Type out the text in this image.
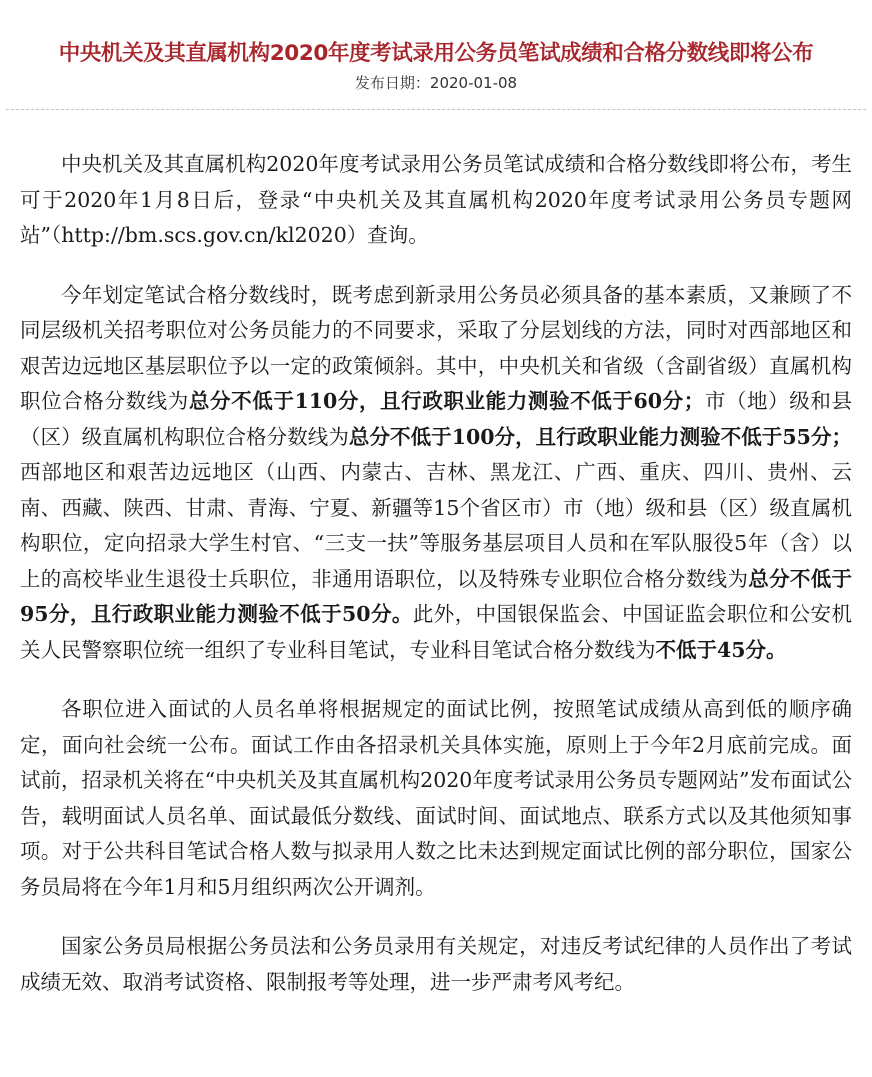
中央机关及其直属机构2020年度考试录用公务员笔试成绩和合格分数线即将公布
发布日期：2020-01-08

中央机关及其直属机构2020年度考试录用公务员笔试成绩和合格分数线即将公布，考生可于2020年1月8日后，登录“中央机关及其直属机构2020年度考试录用公务员专题网站”（http://bm.scs.gov.cn/kl2020）查询。

今年划定笔试合格分数线时，既考虑到新录用公务员必须具备的基本素质，又兼顾了不同层级机关招考职位对公务员能力的不同要求，采取了分层划线的方法，同时对西部地区和艰苦边远地区基层职位予以一定的政策倾斜。其中，中央机关和省级（含副省级）直属机构职位合格分数线为总分不低于110分，且行政职业能力测验不低于60分；市（地）级和县（区）级直属机构职位合格分数线为总分不低于100分，且行政职业能力测验不低于55分；西部地区和艰苦边远地区（山西、内蒙古、吉林、黑龙江、广西、重庆、四川、贵州、云南、西藏、陕西、甘肃、青海、宁夏、新疆等15个省区市）市（地）级和县（区）级直属机构职位，定向招录大学生村官、“三支一扶”等服务基层项目人员和在军队服役5年（含）以上的高校毕业生退役士兵职位，非通用语职位，以及特殊专业职位合格分数线为总分不低于95分，且行政职业能力测验不低于50分。此外，中国银保监会、中国证监会职位和公安机关人民警察职位统一组织了专业科目笔试，专业科目笔试合格分数线为不低于45分。

各职位进入面试的人员名单将根据规定的面试比例，按照笔试成绩从高到低的顺序确定，面向社会统一公布。面试工作由各招录机关具体实施，原则上于今年2月底前完成。面试前，招录机关将在“中央机关及其直属机构2020年度考试录用公务员专题网站”发布面试公告，载明面试人员名单、面试最低分数线、面试时间、面试地点、联系方式以及其他须知事项。对于公共科目笔试合格人数与拟录用人数之比未达到规定面试比例的部分职位，国家公务员局将在今年1月和5月组织两次公开调剂。

国家公务员局根据公务员法和公务员录用有关规定，对违反考试纪律的人员作出了考试成绩无效、取消考试资格、限制报考等处理，进一步严肃考风考纪。
